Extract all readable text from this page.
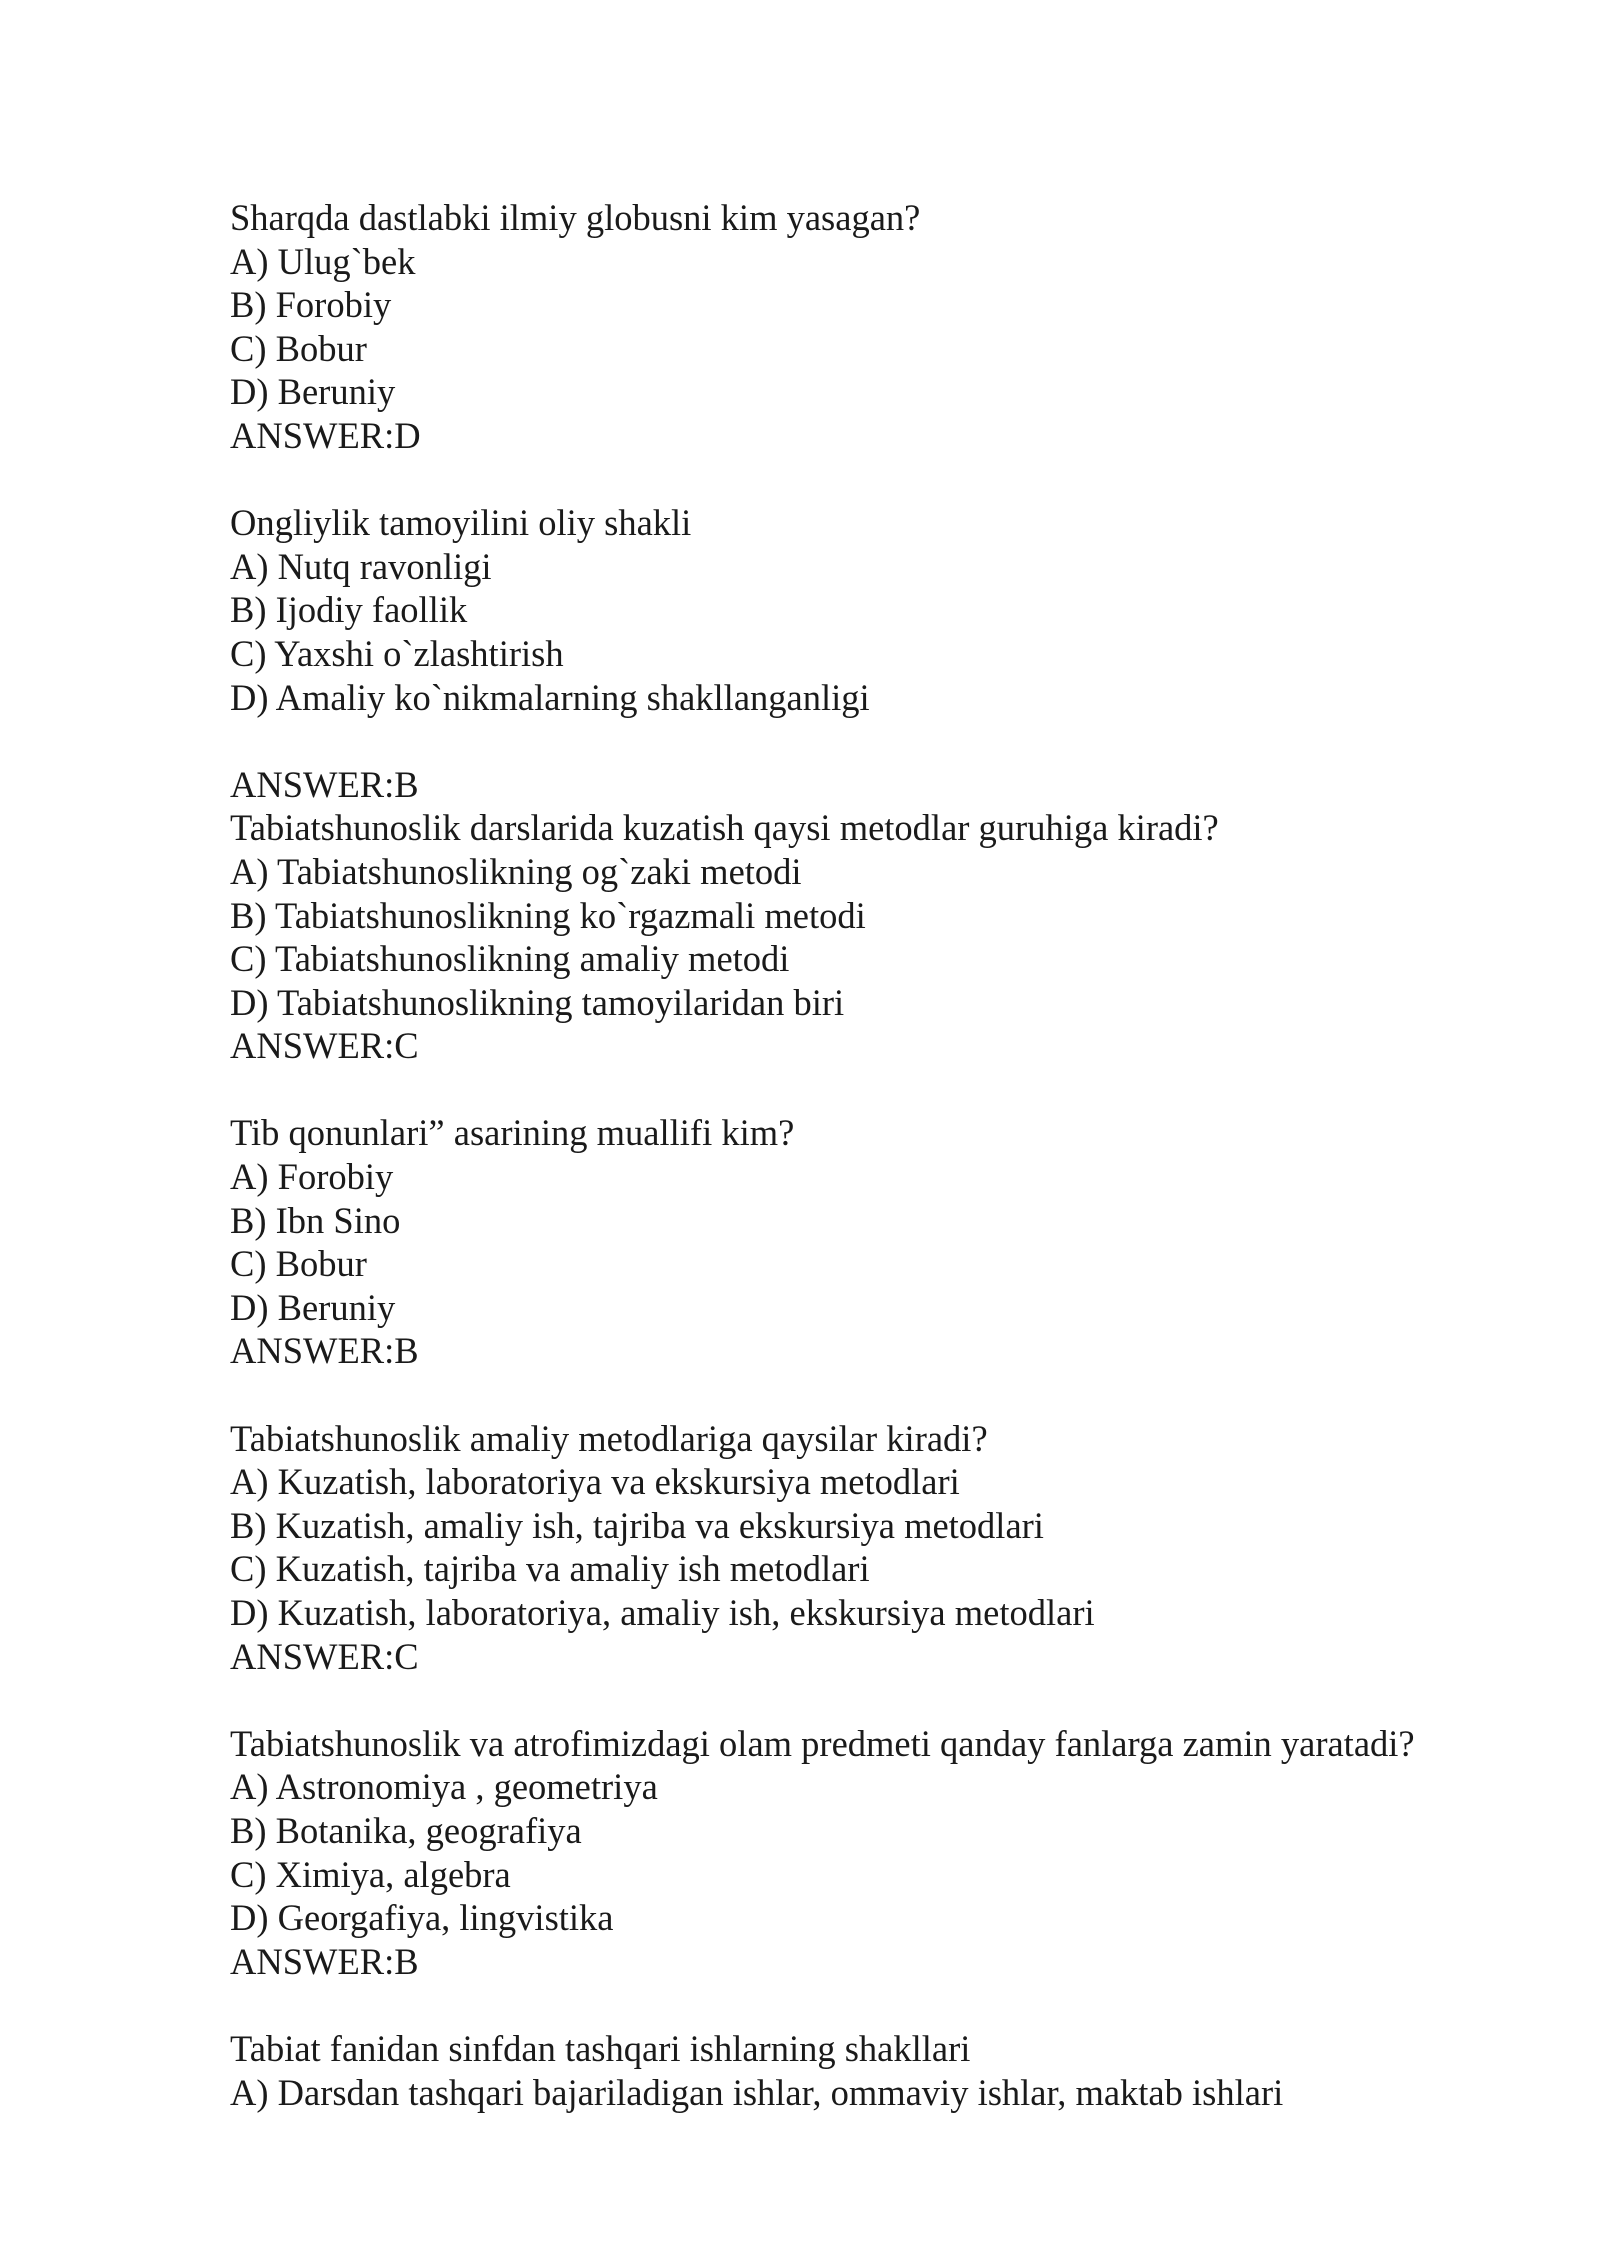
Sharqda dastlabki ilmiy globusni kim yasagan?
A) Ulug`bek
B) Forobiy
C) Bobur
D) Beruniy
ANSWER:D
Ongliylik tamoyilini oliy shakli
A) Nutq ravonligi
B) Ijodiy faollik
C) Yaxshi o`zlashtirish
D) Amaliy ko`nikmalarning shakllanganligi
ANSWER:B
Tabiatshunoslik darslarida kuzatish qaysi metodlar guruhiga kiradi?
A) Tabiatshunoslikning og`zaki metodi
B) Tabiatshunoslikning ko`rgazmali metodi
C) Tabiatshunoslikning amaliy metodi
D) Tabiatshunoslikning tamoyilaridan biri
ANSWER:C
Tib qonunlari” asarining muallifi kim?
A) Forobiy
B) Ibn Sino
C) Bobur
D) Beruniy
ANSWER:B
Tabiatshunoslik amaliy metodlariga qaysilar kiradi?
A) Kuzatish, laboratoriya va ekskursiya metodlari
B) Kuzatish, amaliy ish, tajriba va ekskursiya metodlari
C) Kuzatish, tajriba va amaliy ish metodlari
D) Kuzatish, laboratoriya, amaliy ish, ekskursiya metodlari
ANSWER:C
Tabiatshunoslik va atrofimizdagi olam predmeti qanday fanlarga zamin yaratadi?
A) Astronomiya , geometriya
B) Botanika, geografiya
C) Ximiya, algebra
D) Georgafiya, lingvistika
ANSWER:B
Tabiat fanidan sinfdan tashqari ishlarning shakllari
A) Darsdan tashqari bajariladigan ishlar, ommaviy ishlar, maktab ishlari
